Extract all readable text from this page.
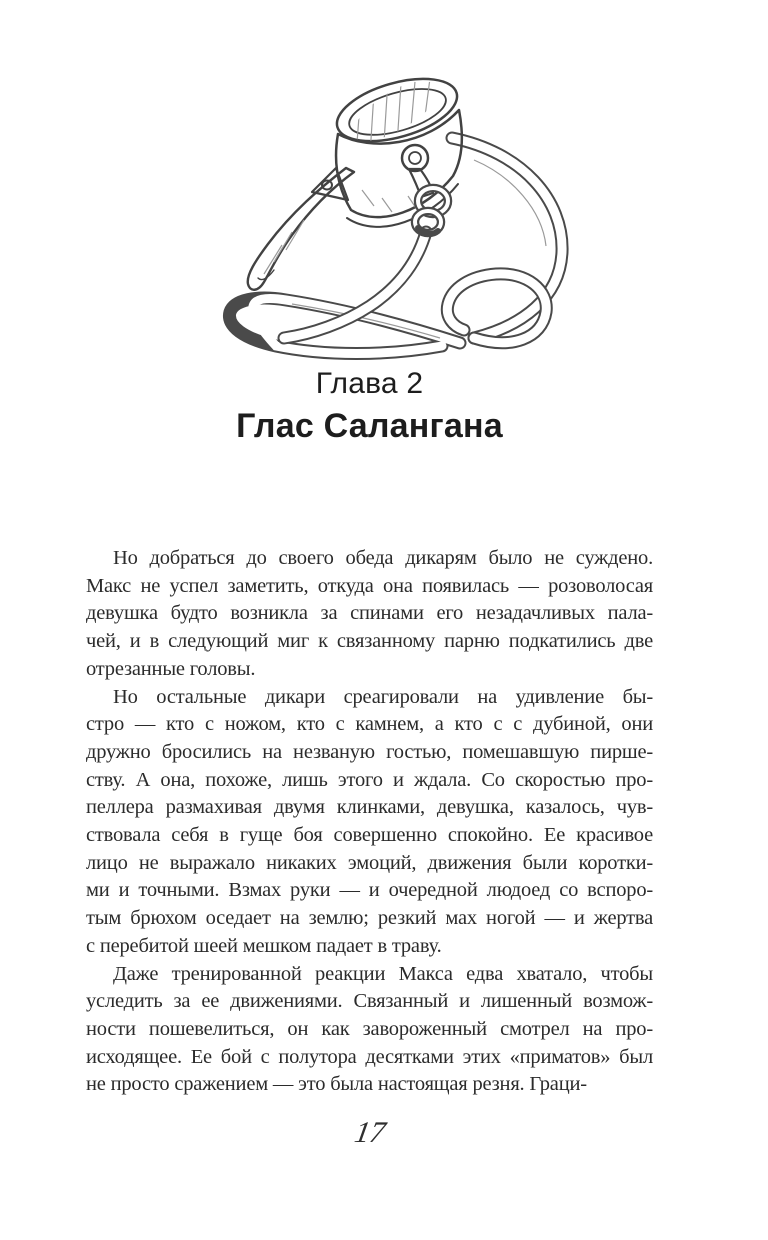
Глава 2
Глас Салангана
Но добраться до своего обеда дикарям было не суждено.
Макс не успел заметить, откуда она появилась — розоволосая
девушка будто возникла за спинами его незадачливых пала-
чей, и в следующий миг к связанному парню подкатились две
отрезанные головы.
Но остальные дикари среагировали на удивление бы-
стро — кто с ножом, кто с камнем, а кто с с дубиной, они
дружно бросились на незваную гостью, помешавшую пирше-
ству. А она, похоже, лишь этого и ждала. Со скоростью про-
пеллера размахивая двумя клинками, девушка, казалось, чув-
ствовала себя в гуще боя совершенно спокойно. Ее красивое
лицо не выражало никаких эмоций, движения были коротки-
ми и точными. Взмах руки — и очередной людоед со вспоро-
тым брюхом оседает на землю; резкий мах ногой — и жертва
с перебитой шеей мешком падает в траву.
Даже тренированной реакции Макса едва хватало, чтобы
уследить за ее движениями. Связанный и лишенный возмож-
ности пошевелиться, он как завороженный смотрел на про-
исходящее. Ее бой с полутора десятками этих «приматов» был
не просто сражением — это была настоящая резня. Граци-
17
